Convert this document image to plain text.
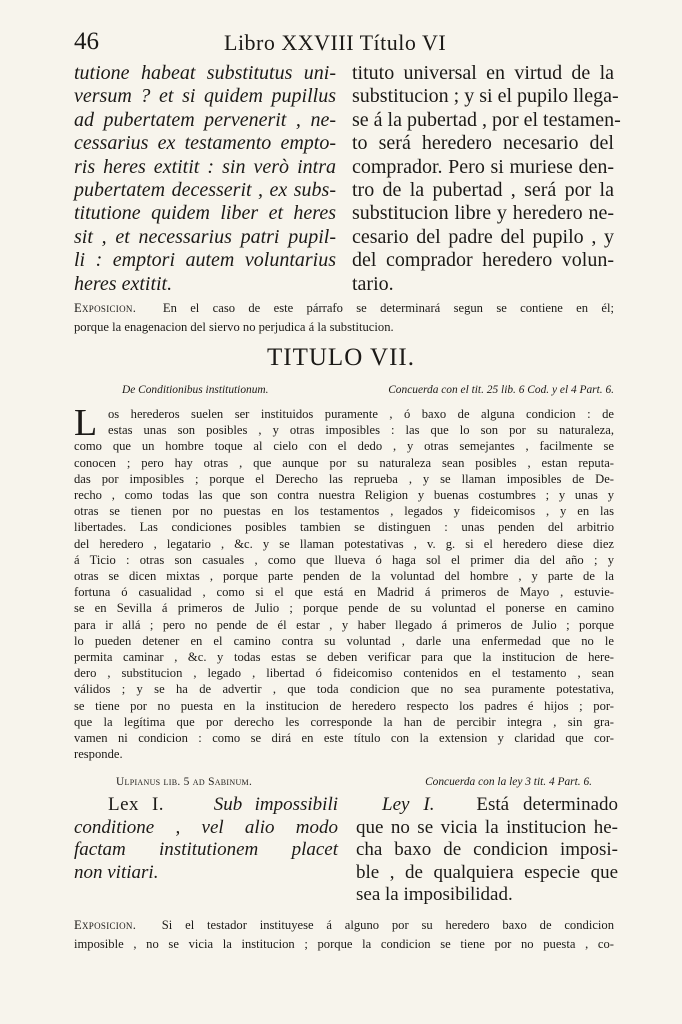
46	Libro XXVIII Título VI
tutione habeat substitutus uni-
versum ? et si quidem pupillus
ad pubertatem pervenerit , ne-
cessarius ex testamento empto-
ris heres extitit : sin verò intra
pubertatem decesserit , ex subs-
titutione quidem liber et heres
sit , et necessarius patri pupil-
li : emptori autem voluntarius
heres extitit.
tituto universal en virtud de la
substitucion ; y si el pupilo llega-
se á la pubertad , por el testamen-
to será heredero necesario del
comprador. Pero si muriese den-
tro de la pubertad , será por la
substitucion libre y heredero ne-
cesario del padre del pupilo , y
del comprador heredero volun-
tario.
Exposicion. En el caso de este párrafo se determinará segun se contiene en él;
porque la enagenacion del siervo no perjudica á la substitucion.
TITULO VII.
De Conditionibus institutionum.	Concuerda con el tit. 25 lib. 6 Cod. y el 4 Part. 6.
L os herederos suelen ser instituidos puramente , ó baxo de alguna condicion : de
estas unas son posibles , y otras imposibles : las que lo son por su naturaleza,
como que un hombre toque al cielo con el dedo , y otras semejantes , facilmente se
conocen ; pero hay otras , que aunque por su naturaleza sean posibles , estan reputa-
das por imposibles ; porque el Derecho las reprueba , y se llaman imposibles de De-
recho , como todas las que son contra nuestra Religion y buenas costumbres ; y unas y
otras se tienen por no puestas en los testamentos , legados y fideicomisos , y en las
libertades. Las condiciones posibles tambien se distinguen : unas penden del arbitrio
del heredero , legatario , &c. y se llaman potestativas , v. g. si el heredero diese diez
á Ticio : otras son casuales , como que llueva ó haga sol el primer dia del año ; y
otras se dicen mixtas , porque parte penden de la voluntad del hombre , y parte de la
fortuna ó casualidad , como si el que está en Madrid á primeros de Mayo , estuvie-
se en Sevilla á primeros de Julio ; porque pende de su voluntad el ponerse en camino
para ir allá ; pero no pende de él estar , y haber llegado á primeros de Julio ; porque
lo pueden detener en el camino contra su voluntad , darle una enfermedad que no le
permita caminar , &c. y todas estas se deben verificar para que la institucion de here-
dero , substitucion , legado , libertad ó fideicomiso contenidos en el testamento , sean
válidos ; y se ha de advertir , que toda condicion que no sea puramente potestativa,
se tiene por no puesta en la institucion de heredero respecto los padres é hijos ; por-
que la legítima que por derecho les corresponde la han de percibir integra , sin gra-
vamen ni condicion : como se dirá en este título con la extension y claridad que cor-
responde.
Ulpianus lib. 5 ad Sabinum.	Concuerda con la ley 3 tit. 4 Part. 6.
Lex I.	Sub impossibili
conditione , vel alio modo
factam institutionem placet
non vitiari.
Ley I. Está determinado
que no se vicia la institucion he-
cha baxo de condicion imposi-
ble , de qualquiera especie que
sea la imposibilidad.
Exposicion. Si el testador instituyese á alguno por su heredero baxo de condicion
imposible , no se vicia la institucion ; porque la condicion se tiene por no puesta , co-
